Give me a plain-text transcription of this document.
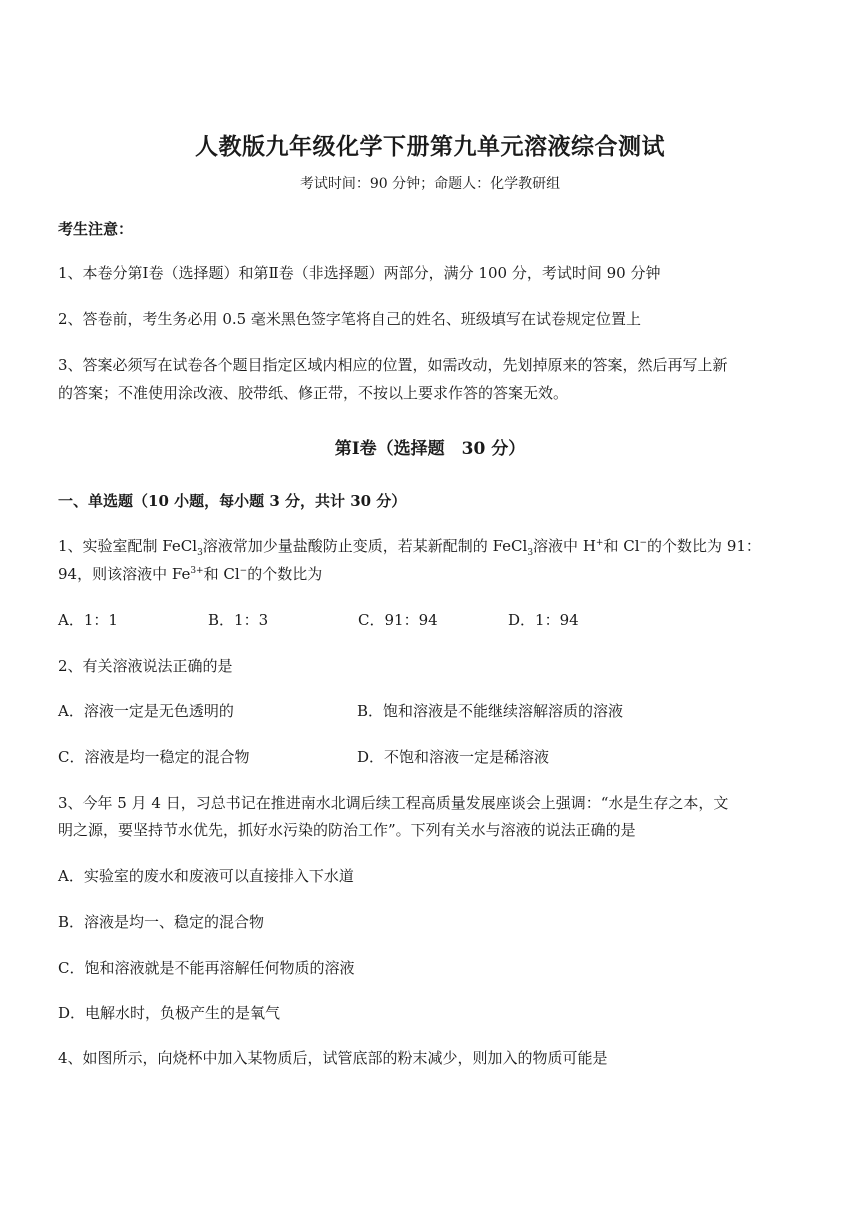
人教版九年级化学下册第九单元溶液综合测试
考试时间：90 分钟；命题人：化学教研组
考生注意：
1、本卷分第Ⅰ卷（选择题）和第Ⅱ卷（非选择题）两部分，满分 100 分，考试时间 90 分钟
2、答卷前，考生务必用 0.5 毫米黑色签字笔将自己的姓名、班级填写在试卷规定位置上
3、答案必须写在试卷各个题目指定区域内相应的位置，如需改动，先划掉原来的答案，然后再写上新
的答案；不准使用涂改液、胶带纸、修正带，不按以上要求作答的答案无效。
第Ⅰ卷（选择题　30 分）
一、单选题（10 小题，每小题 3 分，共计 30 分）
1、实验室配制 FeCl$_3$溶液常加少量盐酸防止变质，若某新配制的 FeCl$_3$溶液中 H+和 Cl−的个数比为 91：
94，则该溶液中 $Fe^{3+}$和 Cl−的个数比为
A．1：1	B．1：3	C．91：94	D．1：94
2、有关溶液说法正确的是
A．溶液一定是无色透明的	B．饱和溶液是不能继续溶解溶质的溶液
C．溶液是均一稳定的混合物	D．不饱和溶液一定是稀溶液
3、今年 5 月 4 日，习总书记在推进南水北调后续工程高质量发展座谈会上强调：“水是生存之本，文
明之源，要坚持节水优先，抓好水污染的防治工作”。下列有关水与溶液的说法正确的是
A．实验室的废水和废液可以直接排入下水道
B．溶液是均一、稳定的混合物
C．饱和溶液就是不能再溶解任何物质的溶液
D．电解水时，负极产生的是氧气
4、如图所示，向烧杯中加入某物质后，试管底部的粉末减少，则加入的物质可能是
